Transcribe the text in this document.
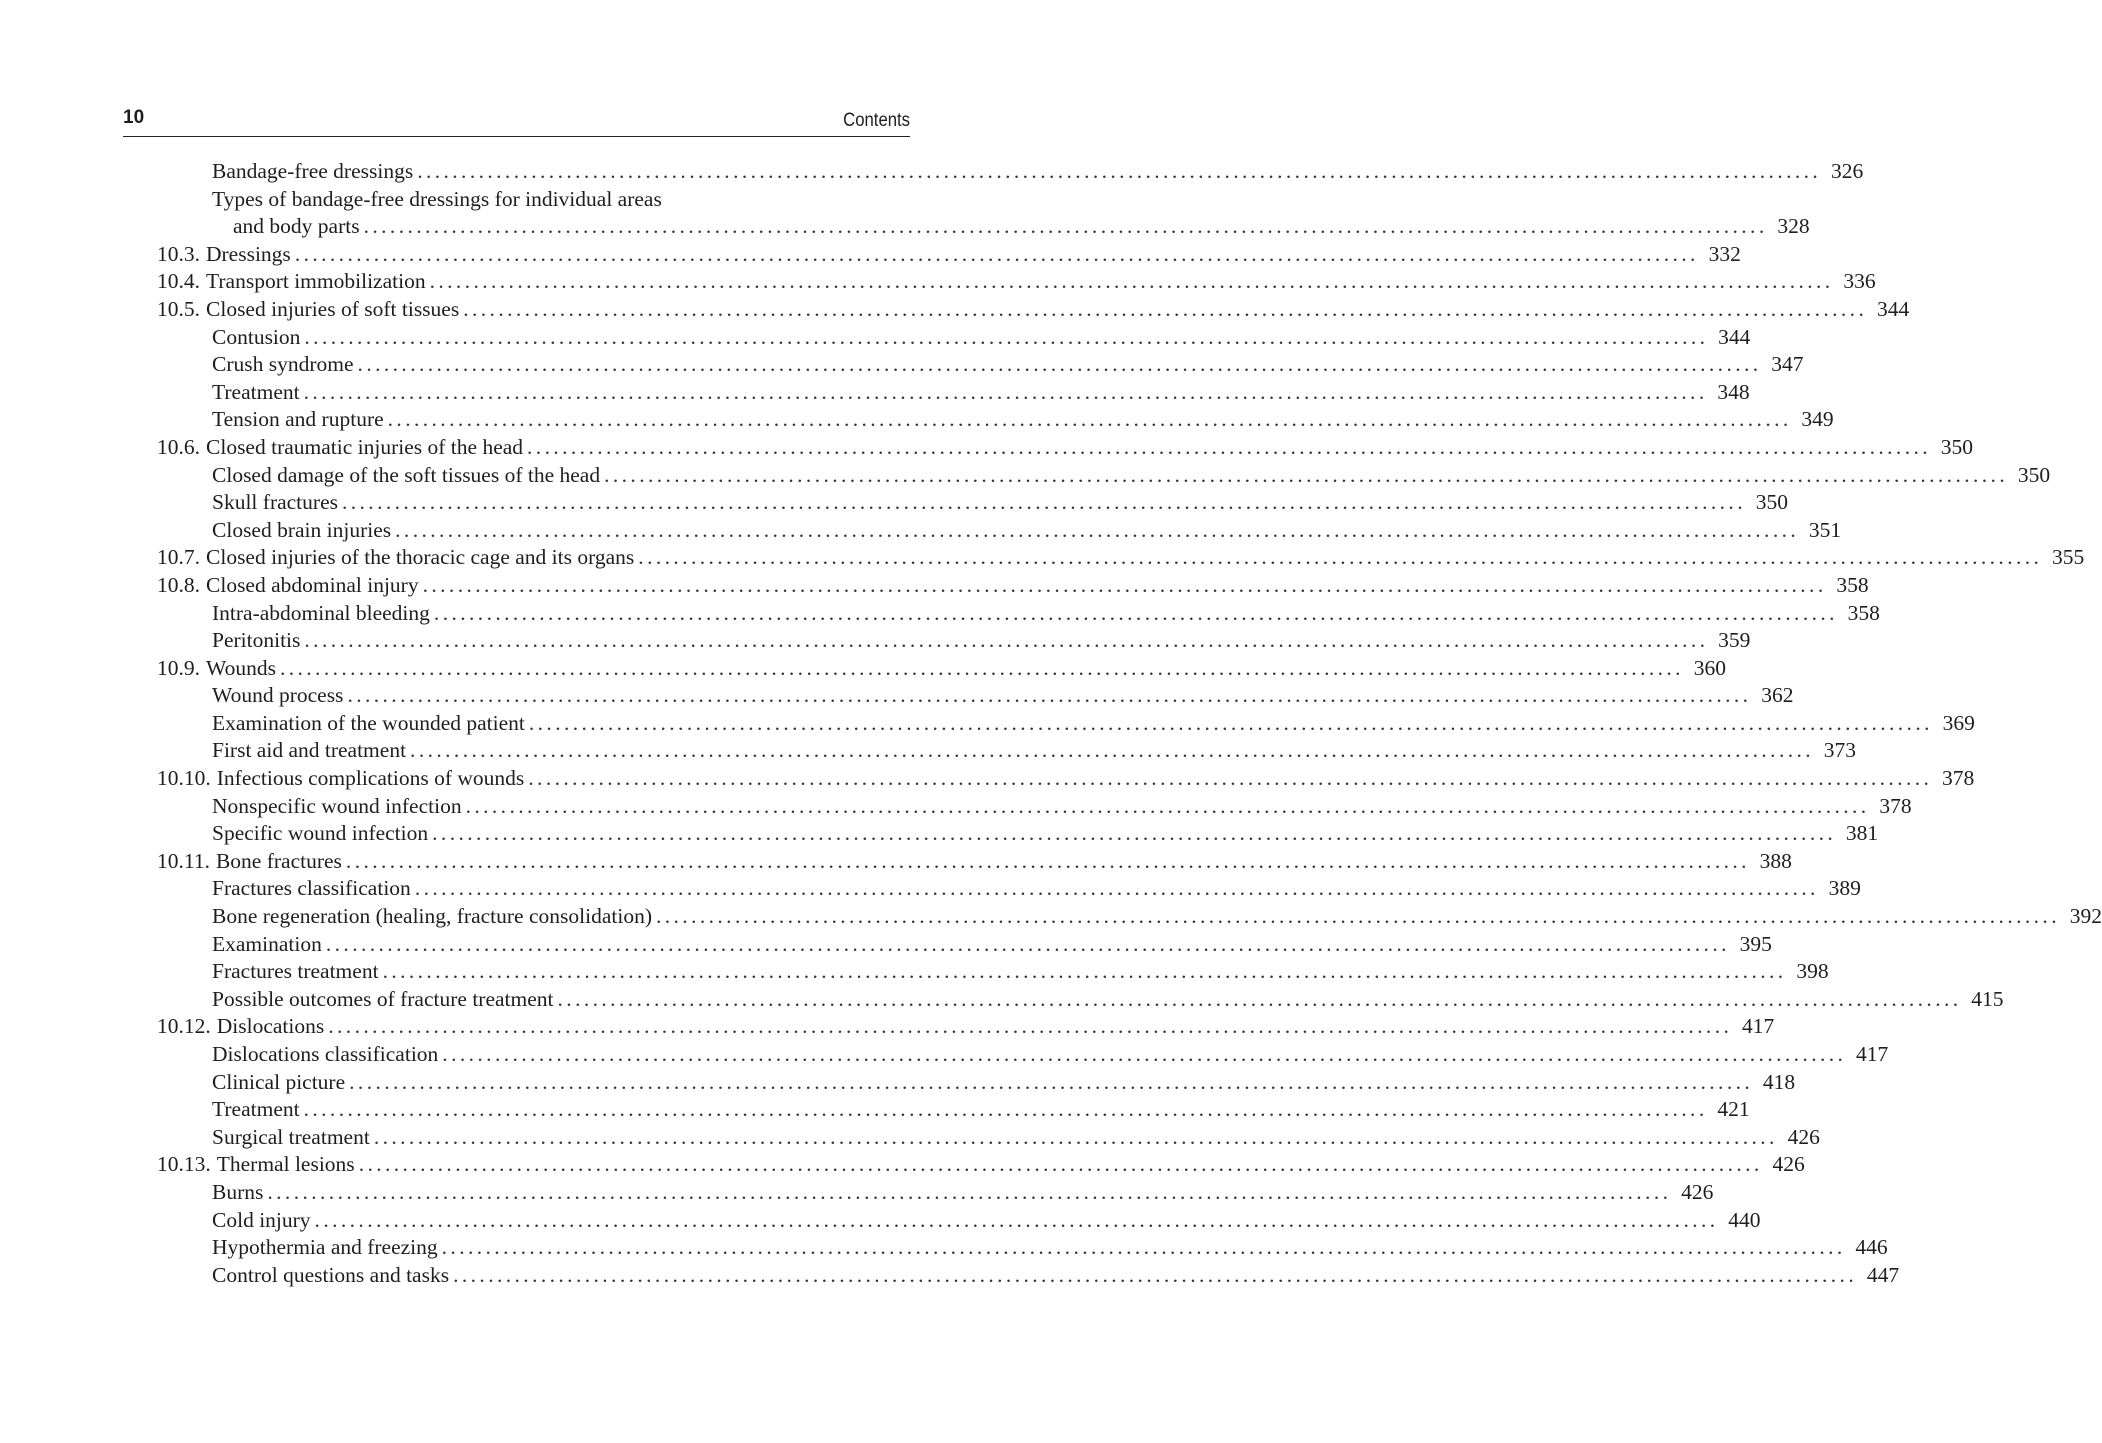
10	Contents
Bandage-free dressings ................................................................................................................................................................ 326
Types of bandage-free dressings for individual areas
and body parts ................................................................................................................................................................ 328
10.3. Dressings ................................................................................................................................................................ 332
10.4. Transport immobilization ................................................................................................................................................................ 336
10.5. Closed injuries of soft tissues ................................................................................................................................................................ 344
Contusion ................................................................................................................................................................ 344
Crush syndrome ................................................................................................................................................................ 347
Treatment ................................................................................................................................................................ 348
Tension and rupture ................................................................................................................................................................ 349
10.6. Closed traumatic injuries of the head ................................................................................................................................................................ 350
Closed damage of the soft tissues of the head ................................................................................................................................................................ 350
Skull fractures ................................................................................................................................................................ 350
Closed brain injuries ................................................................................................................................................................ 351
10.7. Closed injuries of the thoracic cage and its organs ................................................................................................................................................................ 355
10.8. Closed abdominal injury ................................................................................................................................................................ 358
Intra-abdominal bleeding ................................................................................................................................................................ 358
Peritonitis ................................................................................................................................................................ 359
10.9. Wounds ................................................................................................................................................................ 360
Wound process ................................................................................................................................................................ 362
Examination of the wounded patient ................................................................................................................................................................ 369
First aid and treatment ................................................................................................................................................................ 373
10.10. Infectious complications of wounds ................................................................................................................................................................ 378
Nonspecific wound infection ................................................................................................................................................................ 378
Specific wound infection ................................................................................................................................................................ 381
10.11. Bone fractures ................................................................................................................................................................ 388
Fractures classification ................................................................................................................................................................ 389
Bone regeneration (healing, fracture consolidation) ................................................................................................................................................................ 392
Examination ................................................................................................................................................................ 395
Fractures treatment ................................................................................................................................................................ 398
Possible outcomes of fracture treatment ................................................................................................................................................................ 415
10.12. Dislocations ................................................................................................................................................................ 417
Dislocations classification ................................................................................................................................................................ 417
Clinical picture ................................................................................................................................................................ 418
Treatment ................................................................................................................................................................ 421
Surgical treatment ................................................................................................................................................................ 426
10.13. Thermal lesions ................................................................................................................................................................ 426
Burns ................................................................................................................................................................ 426
Cold injury ................................................................................................................................................................ 440
Hypothermia and freezing ................................................................................................................................................................ 446
Control questions and tasks ................................................................................................................................................................ 447
